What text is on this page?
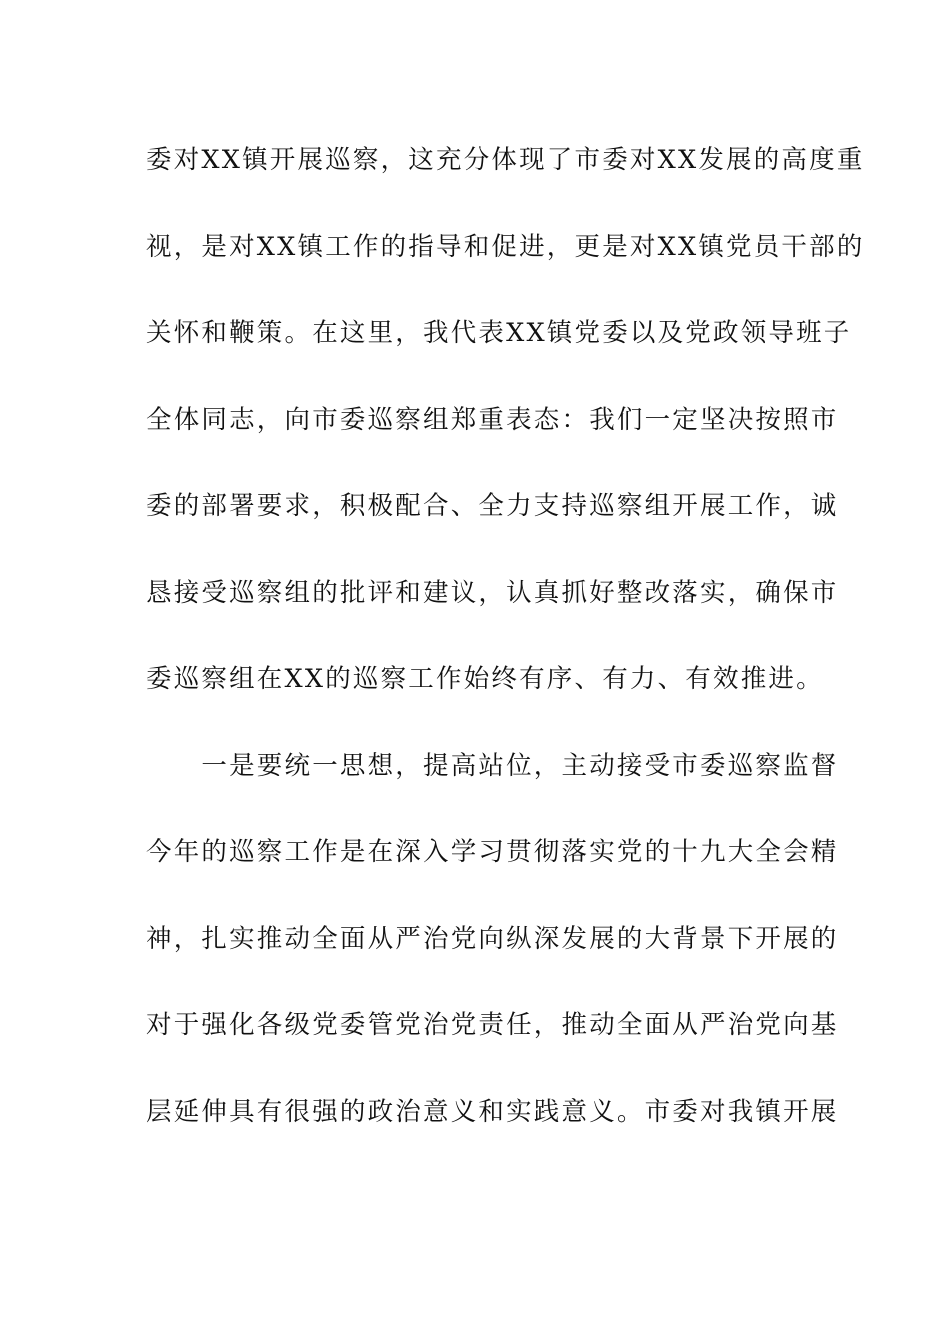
委对XX镇开展巡察，这充分体现了市委对XX发展的高度重
视，是对XX镇工作的指导和促进，更是对XX镇党员干部的
关怀和鞭策。在这里，我代表XX镇党委以及党政领导班子
全体同志，向市委巡察组郑重表态：我们一定坚决按照市
委的部署要求，积极配合、全力支持巡察组开展工作，诚
恳接受巡察组的批评和建议，认真抓好整改落实，确保市
委巡察组在XX的巡察工作始终有序、有力、有效推进。
　　一是要统一思想，提高站位，主动接受市委巡察监督
今年的巡察工作是在深入学习贯彻落实党的十九大全会精
神，扎实推动全面从严治党向纵深发展的大背景下开展的
对于强化各级党委管党治党责任，推动全面从严治党向基
层延伸具有很强的政治意义和实践意义。市委对我镇开展
